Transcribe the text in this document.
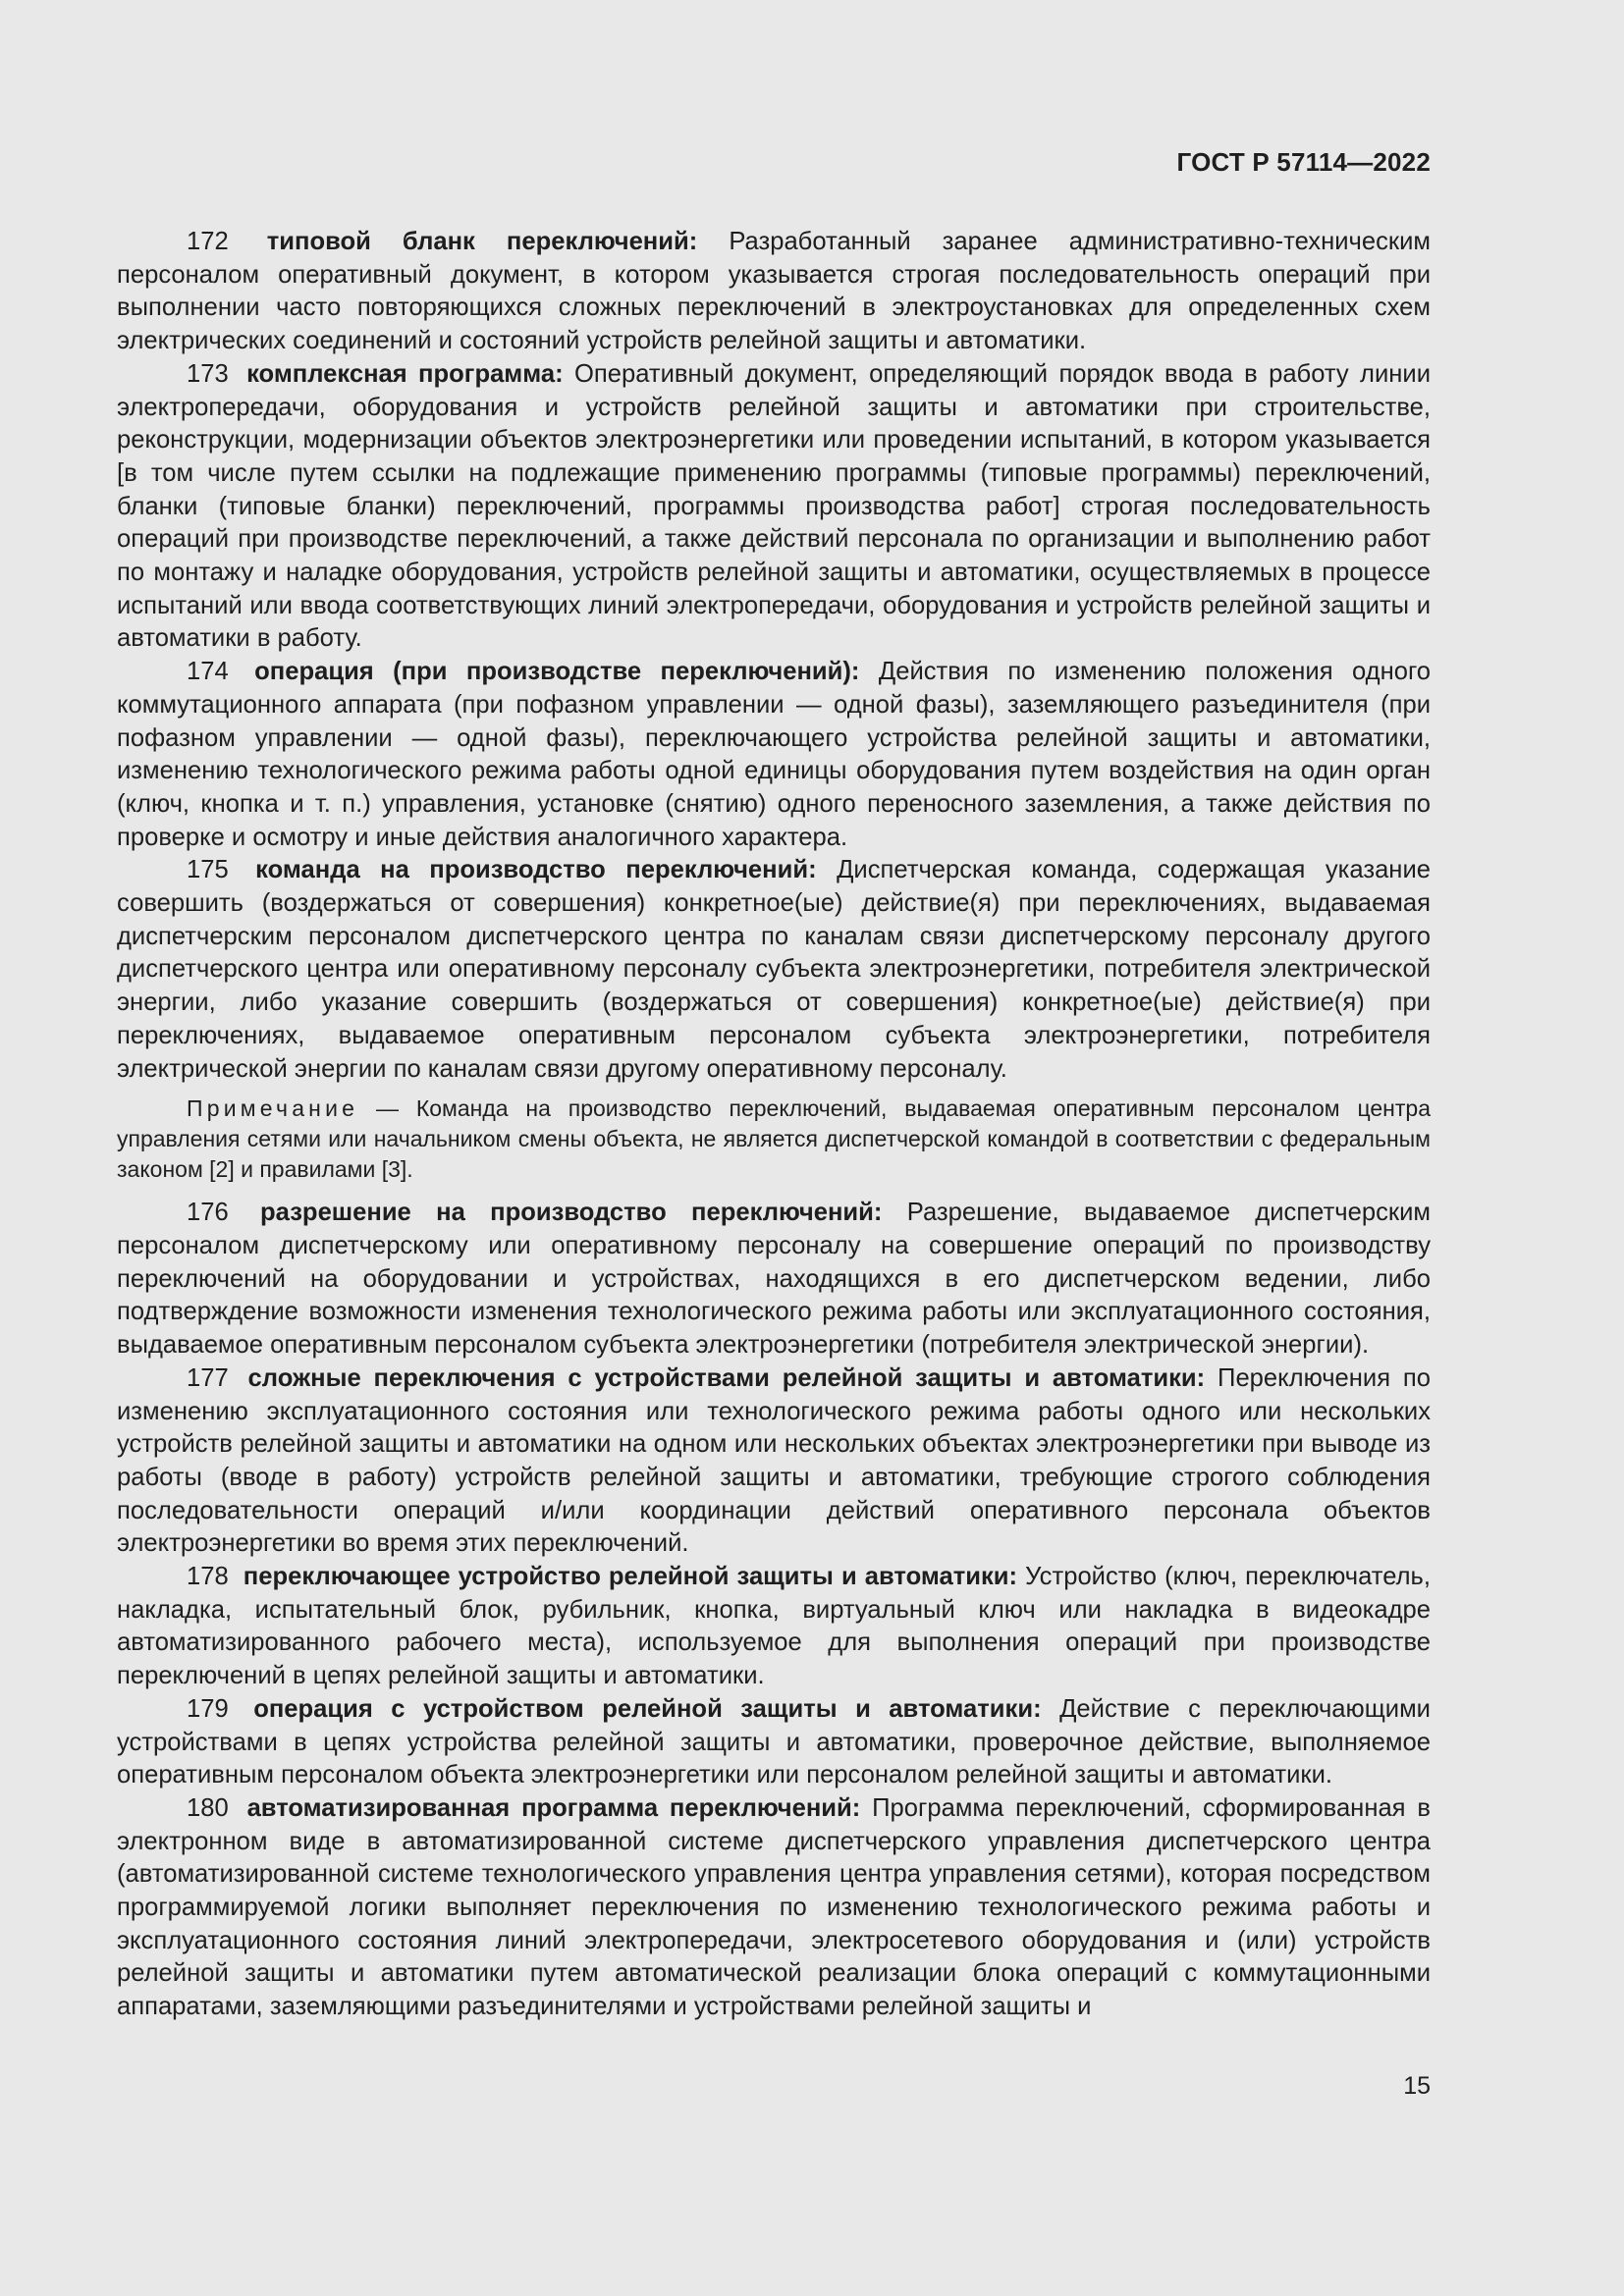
ГОСТ Р 57114—2022

172 типовой бланк переключений: Разработанный заранее административно-техническим персоналом оперативный документ, в котором указывается строгая последовательность операций при выполнении часто повторяющихся сложных переключений в электроустановках для определенных схем электрических соединений и состояний устройств релейной защиты и автоматики.

173 комплексная программа: Оперативный документ, определяющий порядок ввода в работу линии электропередачи, оборудования и устройств релейной защиты и автоматики при строительстве, реконструкции, модернизации объектов электроэнергетики или проведении испытаний, в котором указывается [в том числе путем ссылки на подлежащие применению программы (типовые программы) переключений, бланки (типовые бланки) переключений, программы производства работ] строгая последовательность операций при производстве переключений, а также действий персонала по организации и выполнению работ по монтажу и наладке оборудования, устройств релейной защиты и автоматики, осуществляемых в процессе испытаний или ввода соответствующих линий электропередачи, оборудования и устройств релейной защиты и автоматики в работу.

174 операция (при производстве переключений): Действия по изменению положения одного коммутационного аппарата (при пофазном управлении — одной фазы), заземляющего разъединителя (при пофазном управлении — одной фазы), переключающего устройства релейной защиты и автоматики, изменению технологического режима работы одной единицы оборудования путем воздействия на один орган (ключ, кнопка и т. п.) управления, установке (снятию) одного переносного заземления, а также действия по проверке и осмотру и иные действия аналогичного характера.

175 команда на производство переключений: Диспетчерская команда, содержащая указание совершить (воздержаться от совершения) конкретное(ые) действие(я) при переключениях, выдаваемая диспетчерским персоналом диспетчерского центра по каналам связи диспетчерскому персоналу другого диспетчерского центра или оперативному персоналу субъекта электроэнергетики, потребителя электрической энергии, либо указание совершить (воздержаться от совершения) конкретное(ые) действие(я) при переключениях, выдаваемое оперативным персоналом субъекта электроэнергетики, потребителя электрической энергии по каналам связи другому оперативному персоналу.

Примечание — Команда на производство переключений, выдаваемая оперативным персоналом центра управления сетями или начальником смены объекта, не является диспетчерской командой в соответствии с федеральным законом [2] и правилами [3].

176 разрешение на производство переключений: Разрешение, выдаваемое диспетчерским персоналом диспетчерскому или оперативному персоналу на совершение операций по производству переключений на оборудовании и устройствах, находящихся в его диспетчерском ведении, либо подтверждение возможности изменения технологического режима работы или эксплуатационного состояния, выдаваемое оперативным персоналом субъекта электроэнергетики (потребителя электрической энергии).

177 сложные переключения с устройствами релейной защиты и автоматики: Переключения по изменению эксплуатационного состояния или технологического режима работы одного или нескольких устройств релейной защиты и автоматики на одном или нескольких объектах электроэнергетики при выводе из работы (вводе в работу) устройств релейной защиты и автоматики, требующие строгого соблюдения последовательности операций и/или координации действий оперативного персонала объектов электроэнергетики во время этих переключений.

178 переключающее устройство релейной защиты и автоматики: Устройство (ключ, переключатель, накладка, испытательный блок, рубильник, кнопка, виртуальный ключ или накладка в видеокадре автоматизированного рабочего места), используемое для выполнения операций при производстве переключений в цепях релейной защиты и автоматики.

179 операция с устройством релейной защиты и автоматики: Действие с переключающими устройствами в цепях устройства релейной защиты и автоматики, проверочное действие, выполняемое оперативным персоналом объекта электроэнергетики или персоналом релейной защиты и автоматики.

180 автоматизированная программа переключений: Программа переключений, сформированная в электронном виде в автоматизированной системе диспетчерского управления диспетчерского центра (автоматизированной системе технологического управления центра управления сетями), которая посредством программируемой логики выполняет переключения по изменению технологического режима работы и эксплуатационного состояния линий электропередачи, электросетевого оборудования и (или) устройств релейной защиты и автоматики путем автоматической реализации блока операций с коммутационными аппаратами, заземляющими разъединителями и устройствами релейной защиты и

15
